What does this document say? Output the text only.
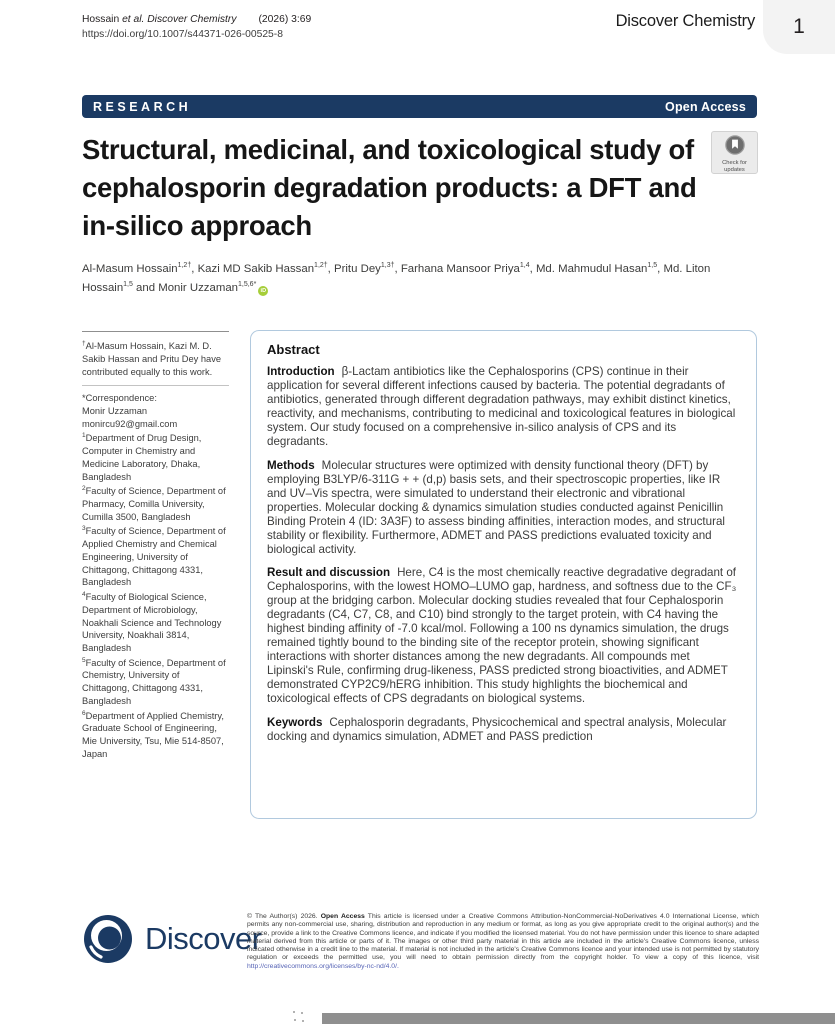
Hossain et al. Discover Chemistry (2026) 3:69
https://doi.org/10.1007/s44371-026-00525-8
Discover Chemistry 1
RESEARCH	Open Access
Structural, medicinal, and toxicological study of cephalosporin degradation products: a DFT and in-silico approach
Check for
updates
Al-Masum Hossain$^{1,2\dagger}$, Kazi MD Sakib Hassan$^{1,2\dagger}$, Pritu Dey$^{1,3\dagger}$, Farhana Mansoor Priya$^{1,4}$, Md. Mahmudul Hasan$^{1,5}$, Md. Liton Hossain$^{1,5}$ and Monir Uzzaman$^{1,5,6*}$iD
†Al-Masum Hossain, Kazi M. D. Sakib Hassan and Pritu Dey have contributed equally to this work.
*Correspondence:
Monir Uzzaman
monircu92@gmail.com
$^1$Department of Drug Design, Computer in Chemistry and Medicine Laboratory, Dhaka, Bangladesh
$^2$Faculty of Science, Department of Pharmacy, Comilla University, Cumilla 3500, Bangladesh
$^3$Faculty of Science, Department of Applied Chemistry and Chemical Engineering, University of Chittagong, Chittagong 4331, Bangladesh
$^4$Faculty of Biological Science, Department of Microbiology, Noakhali Science and Technology University, Noakhali 3814, Bangladesh
$^5$Faculty of Science, Department of Chemistry, University of Chittagong, Chittagong 4331, Bangladesh
$^6$Department of Applied Chemistry, Graduate School of Engineering, Mie University, Tsu, Mie 514-8507, Japan
Abstract
Introduction β-Lactam antibiotics like the Cephalosporins (CPS) continue in their application for several different infections caused by bacteria. The potential degradants of antibiotics, generated through different degradation pathways, may exhibit distinct kinetics, reactivity, and mechanisms, contributing to medicinal and toxicological features in biological system. Our study focused on a comprehensive in-silico analysis of CPS and its degradants.
Methods Molecular structures were optimized with density functional theory (DFT) by employing B3LYP/6-311G + + (d,p) basis sets, and their spectroscopic properties, like IR and UV–Vis spectra, were simulated to understand their electronic and vibrational properties. Molecular docking & dynamics simulation studies conducted against Penicillin Binding Protein 4 (ID: 3A3F) to assess binding affinities, interaction modes, and structural stability or flexibility. Furthermore, ADMET and PASS predictions evaluated toxicity and biological activity.
Result and discussion Here, C4 is the most chemically reactive degradative degradant of Cephalosporins, with the lowest HOMO–LUMO gap, hardness, and softness due to the CF₃ group at the bridging carbon. Molecular docking studies revealed that four Cephalosporin degradants (C4, C7, C8, and C10) bind strongly to the target protein, with C4 having the highest binding affinity of -7.0 kcal/mol. Following a 100 ns dynamics simulation, the drugs remained tightly bound to the binding site of the receptor protein, showing significant interactions with shorter distances among the new degradants. All compounds met Lipinski's Rule, confirming drug-likeness, PASS predicted strong bioactivities, and ADMET demonstrated CYP2C9/hERG inhibition. This study highlights the biochemical and toxicological effects of CPS degradants on biological systems.
Keywords Cephalosporin degradants, Physicochemical and spectral analysis, Molecular docking and dynamics simulation, ADMET and PASS prediction
Discover
© The Author(s) 2026. Open Access This article is licensed under a Creative Commons Attribution-NonCommercial-NoDerivatives 4.0 International License, which permits any non-commercial use, sharing, distribution and reproduction in any medium or format, as long as you give appropriate credit to the original author(s) and the source, provide a link to the Creative Commons licence, and indicate if you modified the licensed material. You do not have permission under this licence to share adapted material derived from this article or parts of it. The images or other third party material in this article are included in the article's Creative Commons licence, unless indicated otherwise in a credit line to the material. If material is not included in the article's Creative Commons licence and your intended use is not permitted by statutory regulation or exceeds the permitted use, you will need to obtain permission directly from the copyright holder. To view a copy of this licence, visit http://creativecommons.org/licenses/by-nc-nd/4.0/.
